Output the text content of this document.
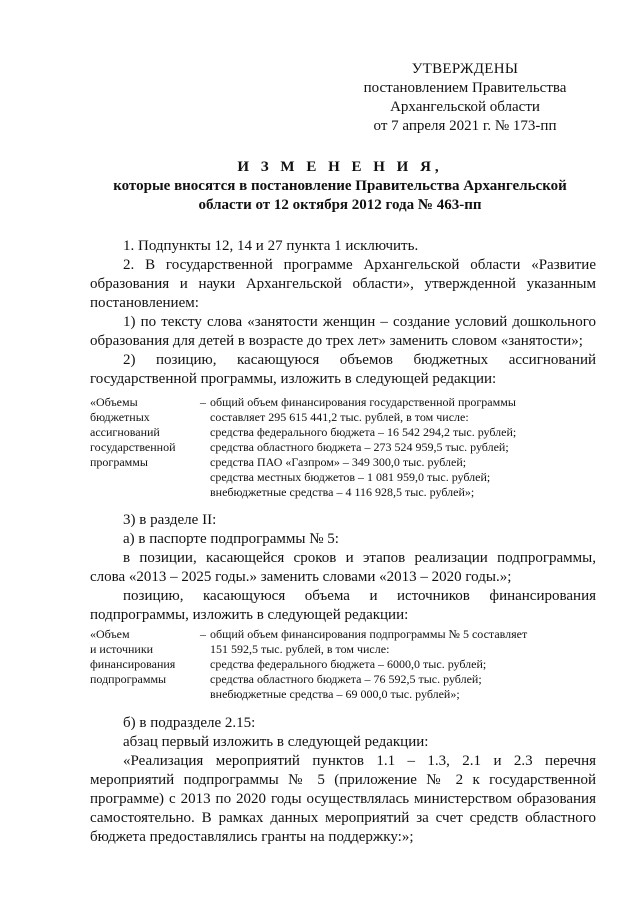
УТВЕРЖДЕНЫ
постановлением Правительства
Архангельской области
от 7 апреля 2021 г. № 173-пп
И З М Е Н Е Н И Я,
которые вносятся в постановление Правительства Архангельской
области от 12 октября 2012 года № 463-пп

1. Подпункты 12, 14 и 27 пункта 1 исключить.

2. В государственной программе Архангельской области «Развитие образования и науки Архангельской области», утвержденной указанным постановлением:

1) по тексту слова «занятости женщин – создание условий дошкольного образования для детей в возрасте до трех лет» заменить словом «занятости»;

2) позицию, касающуюся объемов бюджетных ассигнований государственной программы, изложить в следующей редакции:

«Объемы
бюджетных
ассигнований
государственной
программы
– общий объем финансирования государственной программы
составляет 295 615 441,2 тыс. рублей, в том числе:
средства федерального бюджета – 16 542 294,2 тыс. рублей;
средства областного бюджета – 273 524 959,5 тыс. рублей;
средства ПАО «Газпром» – 349 300,0 тыс. рублей;
средства местных бюджетов – 1 081 959,0 тыс. рублей;
внебюджетные средства – 4 116 928,5 тыс. рублей»;

3) в разделе II:

а) в паспорте подпрограммы № 5:

в позиции, касающейся сроков и этапов реализации подпрограммы, слова «2013 – 2025 годы.» заменить словами «2013 – 2020 годы.»;

позицию, касающуюся объема и источников финансирования подпрограммы, изложить в следующей редакции:

«Объем
и источники
финансирования
подпрограммы
– общий объем финансирования подпрограммы № 5 составляет
151 592,5 тыс. рублей, в том числе:
средства федерального бюджета – 6000,0 тыс. рублей;
средства областного бюджета – 76 592,5 тыс. рублей;
внебюджетные средства – 69 000,0 тыс. рублей»;

б) в подразделе 2.15:

абзац первый изложить в следующей редакции:

«Реализация мероприятий пунктов 1.1 – 1.3, 2.1 и 2.3 перечня мероприятий подпрограммы № 5 (приложение № 2 к государственной программе) с 2013 по 2020 годы осуществлялась министерством образования самостоятельно. В рамках данных мероприятий за счет средств областного бюджета предоставлялись гранты на поддержку:»;
